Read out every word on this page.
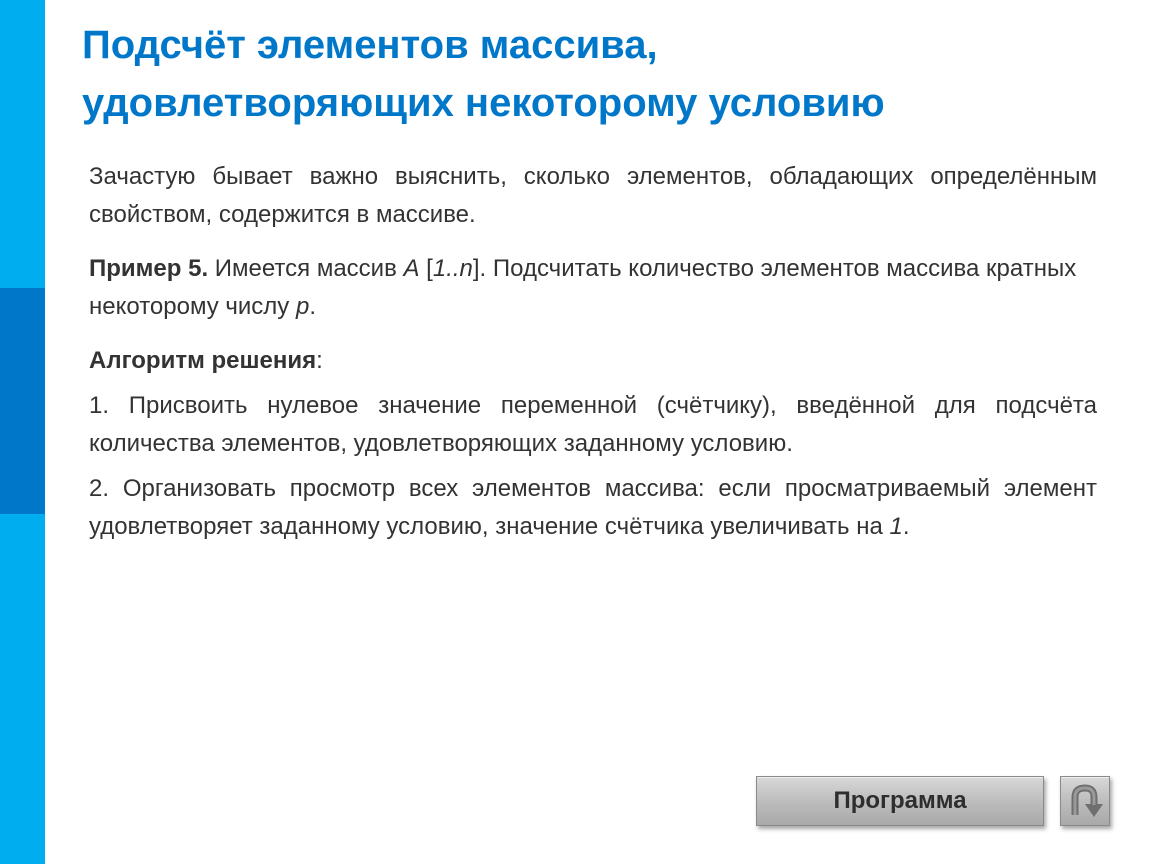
Подсчёт элементов массива,
удовлетворяющих некоторому условию

Зачастую бывает важно выяснить, сколько элементов, обладающих определённым свойством, содержится в массиве.

Пример 5. Имеется массив A [1..n]. Подсчитать количество элементов массива кратных некоторому числу p.

Алгоритм решения:

1. Присвоить нулевое значение переменной (счётчику), введённой для подсчёта количества элементов, удовлетворяющих заданному условию.

2. Организовать просмотр всех элементов массива: если просматриваемый элемент удовлетворяет заданному условию, значение счётчика увеличивать на 1.

Программа
